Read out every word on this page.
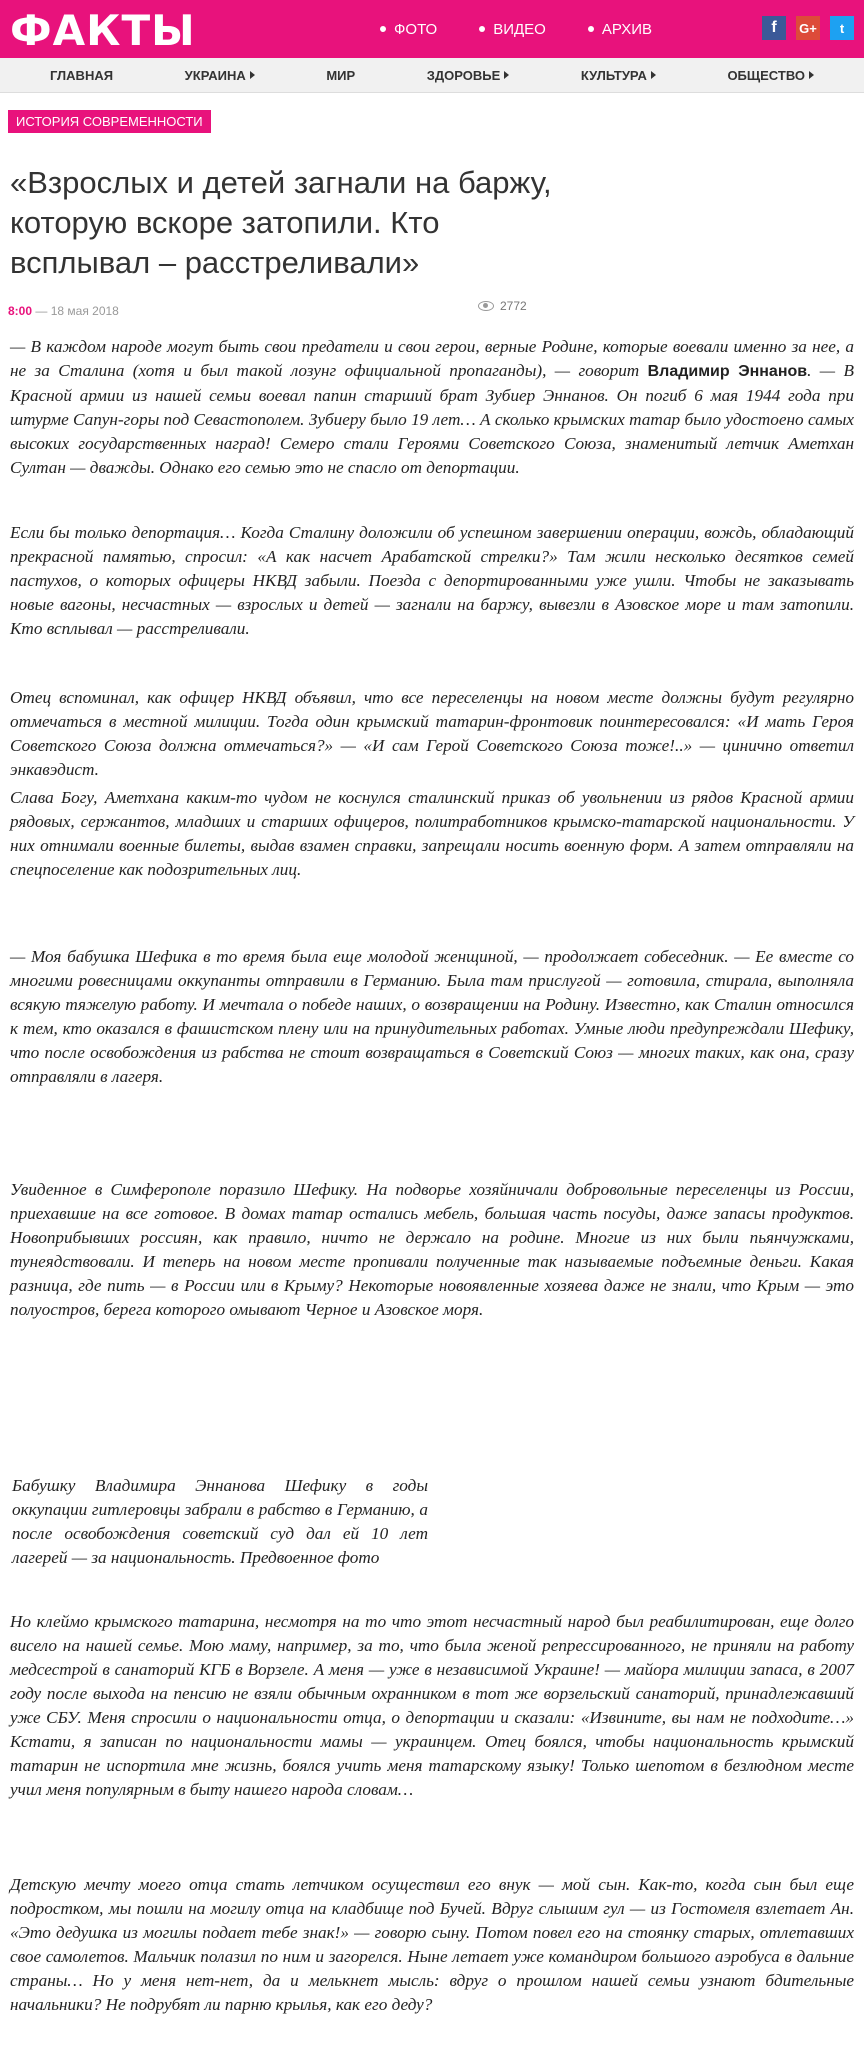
ФАКТЫ	ФОТО	ВИДЕО	АРХИВ	f	G+	t
ГЛАВНАЯ	УКРАИНА	МИР	ЗДОРОВЬЕ	КУЛЬТУРА	ОБЩЕСТВО
ИСТОРИЯ СОВРЕМЕННОСТИ
«Взрослых и детей загнали на баржу, которую вскоре затопили. Кто всплывал – расстреливали»
8:00 — 18 мая 2018	2772

— В каждом народе могут быть свои предатели и свои герои, верные Родине, которые воевали именно за нее, а не за Сталина (хотя и был такой лозунг официальной пропаганды), — говорит Владимир Эннанов. — В Красной армии из нашей семьи воевал папин старший брат Зубиер Эннанов. Он погиб 6 мая 1944 года при штурме Сапун-горы под Севастополем. Зубиеру было 19 лет… А сколько крымских татар было удостоено самых высоких государственных наград! Семеро стали Героями Советского Союза, знаменитый летчик Аметхан Султан — дважды. Однако его семью это не спасло от депортации.

Если бы только депортация… Когда Сталину доложили об успешном завершении операции, вождь, обладающий прекрасной памятью, спросил: «А как насчет Арабатской стрелки?» Там жили несколько десятков семей пастухов, о которых офицеры НКВД забыли. Поезда с депортированными уже ушли. Чтобы не заказывать новые вагоны, несчастных — взрослых и детей — загнали на баржу, вывезли в Азовское море и там затопили. Кто всплывал — расстреливали.

Отец вспоминал, как офицер НКВД объявил, что все переселенцы на новом месте должны будут регулярно отмечаться в местной милиции. Тогда один крымский татарин-фронтовик поинтересовался: «И мать Героя Советского Союза должна отмечаться?» — «И сам Герой Советского Союза тоже!..» — цинично ответил энкавэдист.

Слава Богу, Аметхана каким-то чудом не коснулся сталинский приказ об увольнении из рядов Красной армии рядовых, сержантов, младших и старших офицеров, политработников крымско-татарской национальности. У них отнимали военные билеты, выдав взамен справки, запрещали носить военную форм. А затем отправляли на спецпоселение как подозрительных лиц.

— Моя бабушка Шефика в то время была еще молодой женщиной, — продолжает собеседник. — Ее вместе со многими ровесницами оккупанты отправили в Германию. Была там прислугой — готовила, стирала, выполняла всякую тяжелую работу. И мечтала о победе наших, о возвращении на Родину. Известно, как Сталин относился к тем, кто оказался в фашистском плену или на принудительных работах. Умные люди предупреждали Шефику, что после освобождения из рабства не стоит возвращаться в Советский Союз — многих таких, как она, сразу отправляли в лагеря.

Увиденное в Симферополе поразило Шефику. На подворье хозяйничали добровольные переселенцы из России, приехавшие на все готовое. В домах татар остались мебель, большая часть посуды, даже запасы продуктов. Новоприбывших россиян, как правило, ничто не держало на родине. Многие из них были пьянчужками, тунеядствовали. И теперь на новом месте пропивали полученные так называемые подъемные деньги. Какая разница, где пить — в России или в Крыму? Некоторые новоявленные хозяева даже не знали, что Крым — это полуостров, берега которого омывают Черное и Азовское моря.

Бабушку Владимира Эннанова Шефику в годы оккупации гитлеровцы забрали в рабство в Германию, а после освобождения советский суд дал ей 10 лет лагерей — за национальность. Предвоенное фото

Но клеймо крымского татарина, несмотря на то что этот несчастный народ был реабилитирован, еще долго висело на нашей семье. Мою маму, например, за то, что была женой репрессированного, не приняли на работу медсестрой в санаторий КГБ в Ворзеле. А меня — уже в независимой Украине! — майора милиции запаса, в 2007 году после выхода на пенсию не взяли обычным охранником в тот же ворзельский санаторий, принадлежавший уже СБУ. Меня спросили о национальности отца, о депортации и сказали: «Извините, вы нам не подходите…» Кстати, я записан по национальности мамы — украинцем. Отец боялся, чтобы национальность крымский татарин не испортила мне жизнь, боялся учить меня татарскому языку! Только шепотом в безлюдном месте учил меня популярным в быту нашего народа словам…

Детскую мечту моего отца стать летчиком осуществил его внук — мой сын. Как-то, когда сын был еще подростком, мы пошли на могилу отца на кладбище под Бучей. Вдруг слышим гул — из Гостомеля взлетает Ан. «Это дедушка из могилы подает тебе знак!» — говорю сыну. Потом повел его на стоянку старых, отлетавших свое самолетов. Мальчик полазил по ним и загорелся. Ныне летает уже командиром большого аэробуса в дальние страны… Но у меня нет-нет, да и мелькнет мысль: вдруг о прошлом нашей семьи узнают бдительные начальники? Не подрубят ли парню крылья, как его деду?
